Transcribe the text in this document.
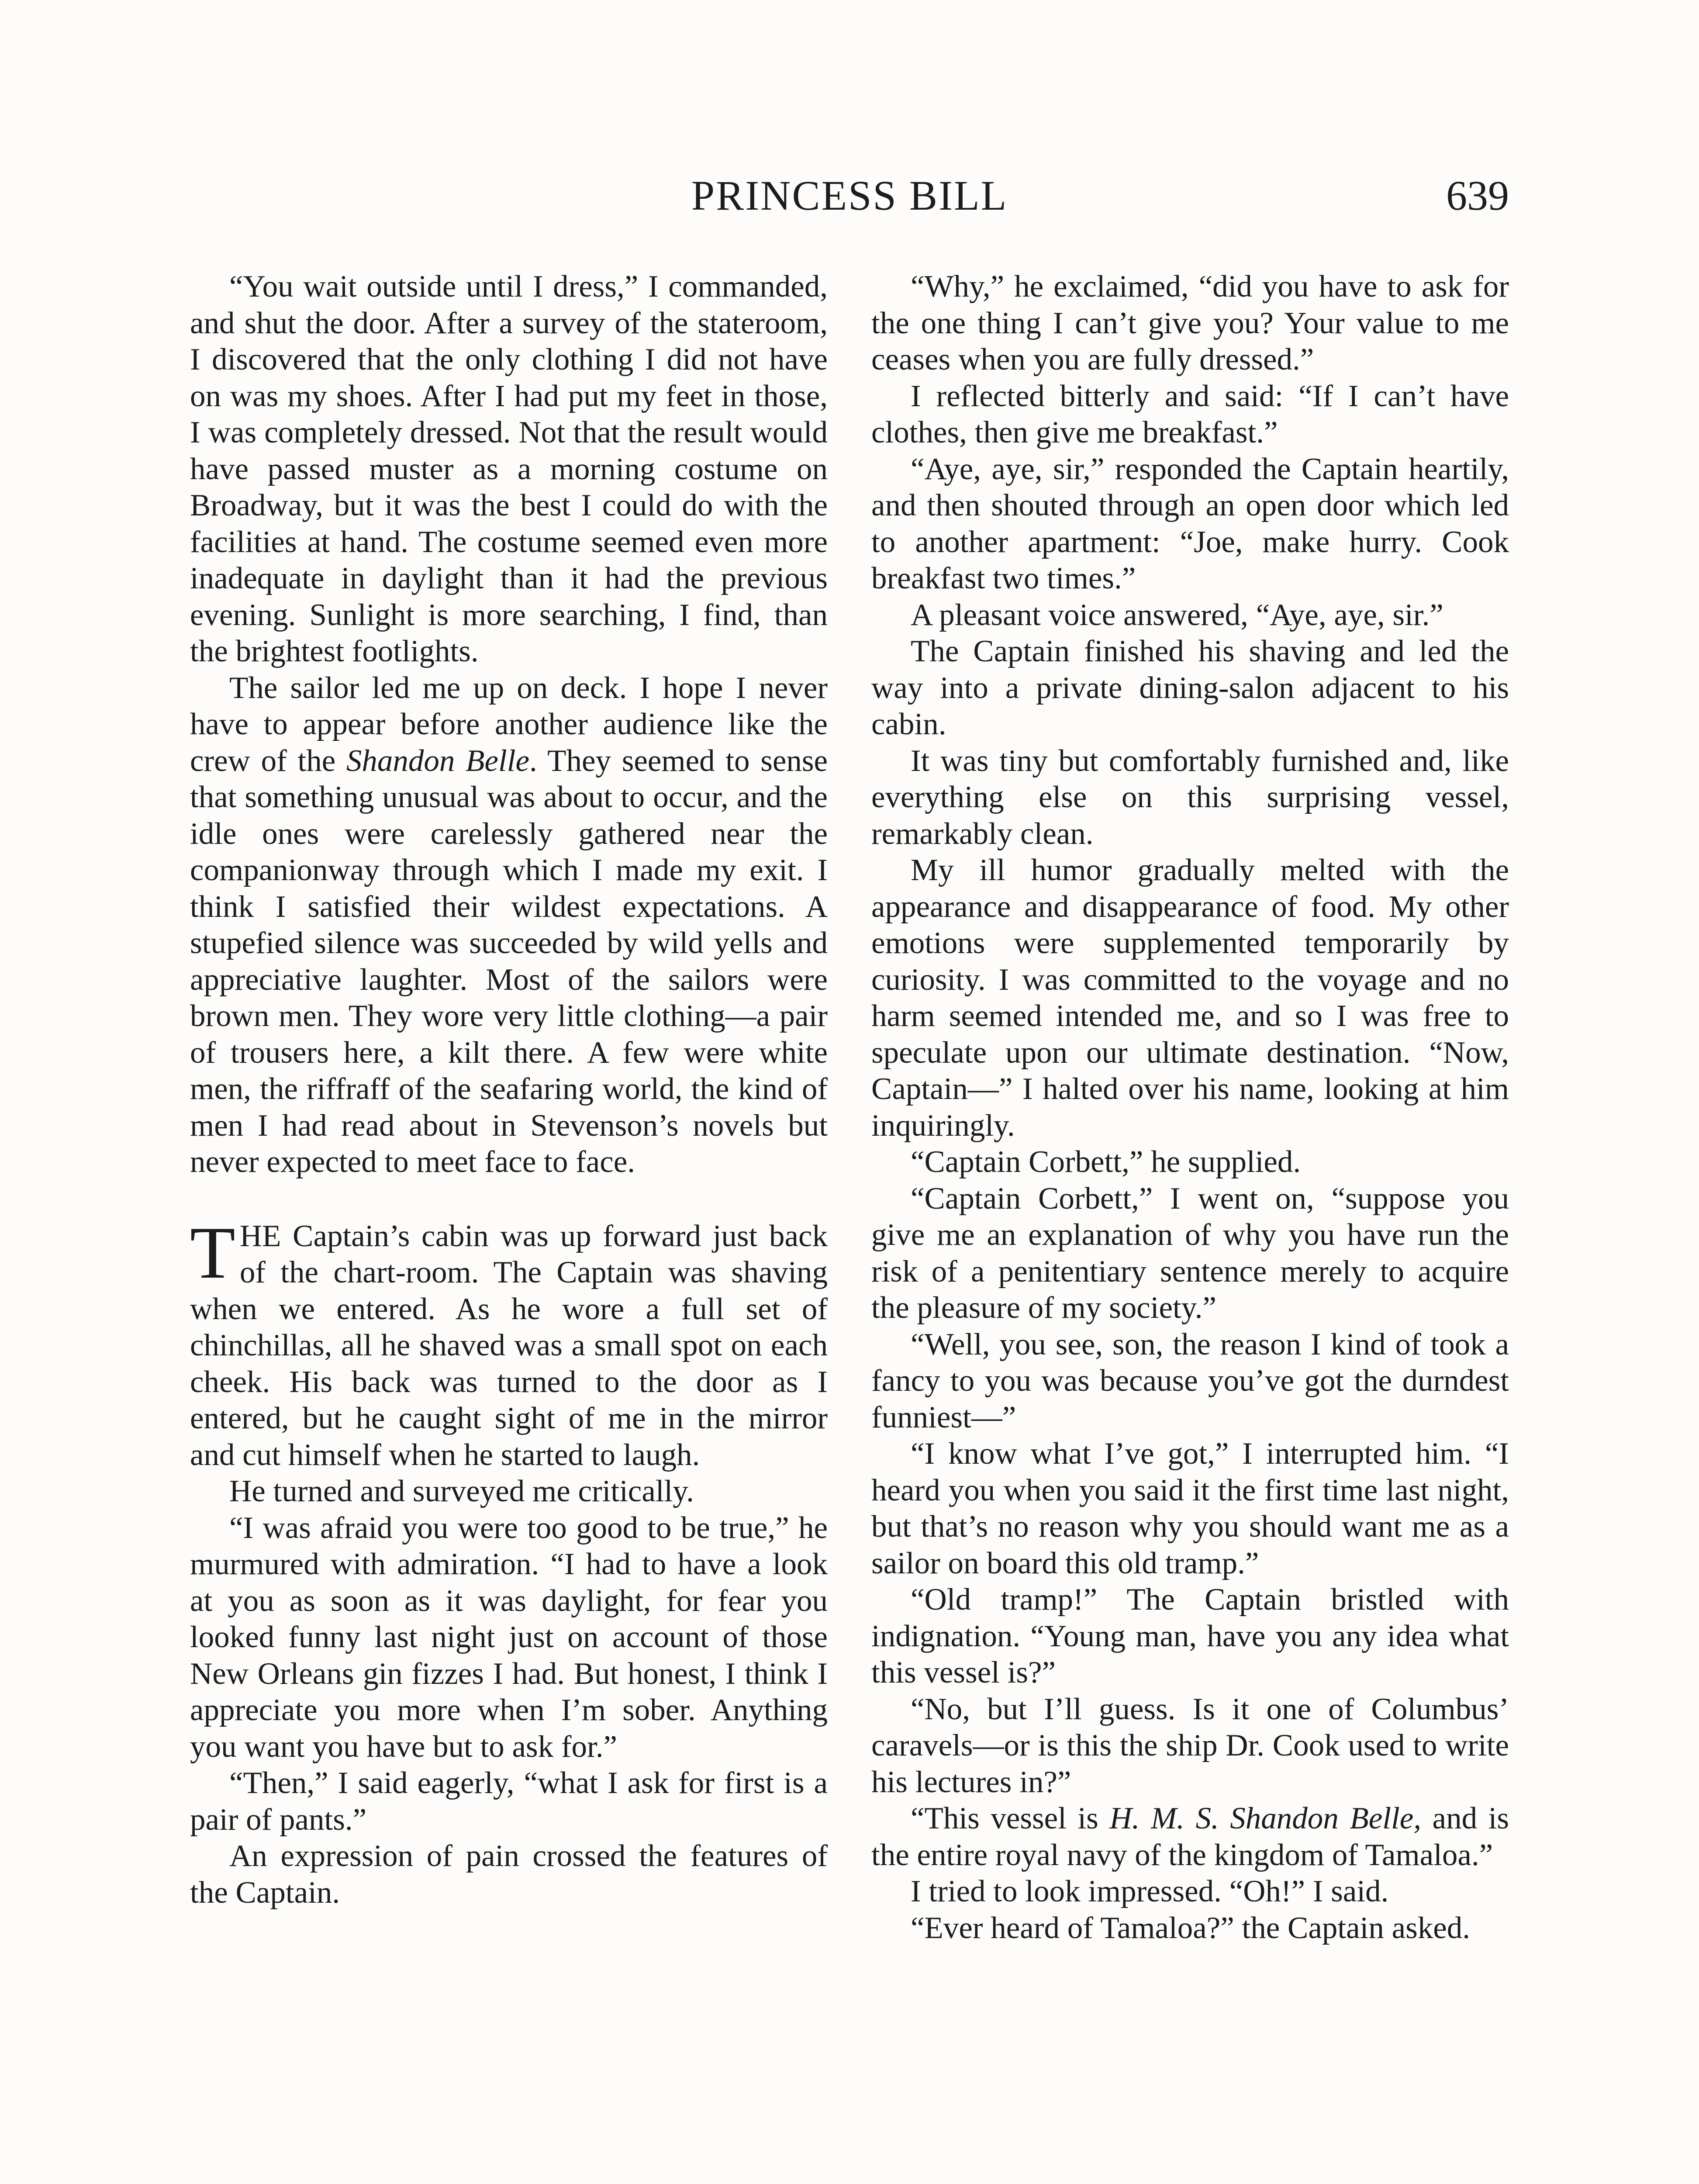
PRINCESS BILL	639

“You wait outside until I dress,” I commanded, and shut the door. After a survey of the stateroom, I discovered that the only clothing I did not have on was my shoes. After I had put my feet in those, I was completely dressed. Not that the result would have passed muster as a morning costume on Broadway, but it was the best I could do with the facilities at hand. The costume seemed even more inadequate in daylight than it had the previous evening. Sunlight is more searching, I find, than the brightest footlights.

The sailor led me up on deck. I hope I never have to appear before another audience like the crew of the Shandon Belle. They seemed to sense that something unusual was about to occur, and the idle ones were carelessly gathered near the companionway through which I made my exit. I think I satisfied their wildest expectations. A stupefied silence was succeeded by wild yells and appreciative laughter. Most of the sailors were brown men. They wore very little clothing—a pair of trousers here, a kilt there. A few were white men, the riffraff of the seafaring world, the kind of men I had read about in Stevenson’s novels but never expected to meet face to face.

THE Captain’s cabin was up forward just back of the chart-room. The Captain was shaving when we entered. As he wore a full set of chinchillas, all he shaved was a small spot on each cheek. His back was turned to the door as I entered, but he caught sight of me in the mirror and cut himself when he started to laugh.

He turned and surveyed me critically.

“I was afraid you were too good to be true,” he murmured with admiration. “I had to have a look at you as soon as it was daylight, for fear you looked funny last night just on account of those New Orleans gin fizzes I had. But honest, I think I appreciate you more when I’m sober. Anything you want you have but to ask for.”

“Then,” I said eagerly, “what I ask for first is a pair of pants.”

An expression of pain crossed the features of the Captain.

“Why,” he exclaimed, “did you have to ask for the one thing I can’t give you? Your value to me ceases when you are fully dressed.”

I reflected bitterly and said: “If I can’t have clothes, then give me breakfast.”

“Aye, aye, sir,” responded the Captain heartily, and then shouted through an open door which led to another apartment: “Joe, make hurry. Cook breakfast two times.”

A pleasant voice answered, “Aye, aye, sir.”

The Captain finished his shaving and led the way into a private dining-salon adjacent to his cabin.

It was tiny but comfortably furnished and, like everything else on this surprising vessel, remarkably clean.

My ill humor gradually melted with the appearance and disappearance of food. My other emotions were supplemented temporarily by curiosity. I was committed to the voyage and no harm seemed intended me, and so I was free to speculate upon our ultimate destination. “Now, Captain—” I halted over his name, looking at him inquiringly.

“Captain Corbett,” he supplied.

“Captain Corbett,” I went on, “suppose you give me an explanation of why you have run the risk of a penitentiary sentence merely to acquire the pleasure of my society.”

“Well, you see, son, the reason I kind of took a fancy to you was because you’ve got the durndest funniest—”

“I know what I’ve got,” I interrupted him. “I heard you when you said it the first time last night, but that’s no reason why you should want me as a sailor on board this old tramp.”

“Old tramp!” The Captain bristled with indignation. “Young man, have you any idea what this vessel is?”

“No, but I’ll guess. Is it one of Columbus’ caravels—or is this the ship Dr. Cook used to write his lectures in?”

“This vessel is H. M. S. Shandon Belle, and is the entire royal navy of the kingdom of Tamaloa.”

I tried to look impressed. “Oh!” I said.

“Ever heard of Tamaloa?” the Captain asked.
